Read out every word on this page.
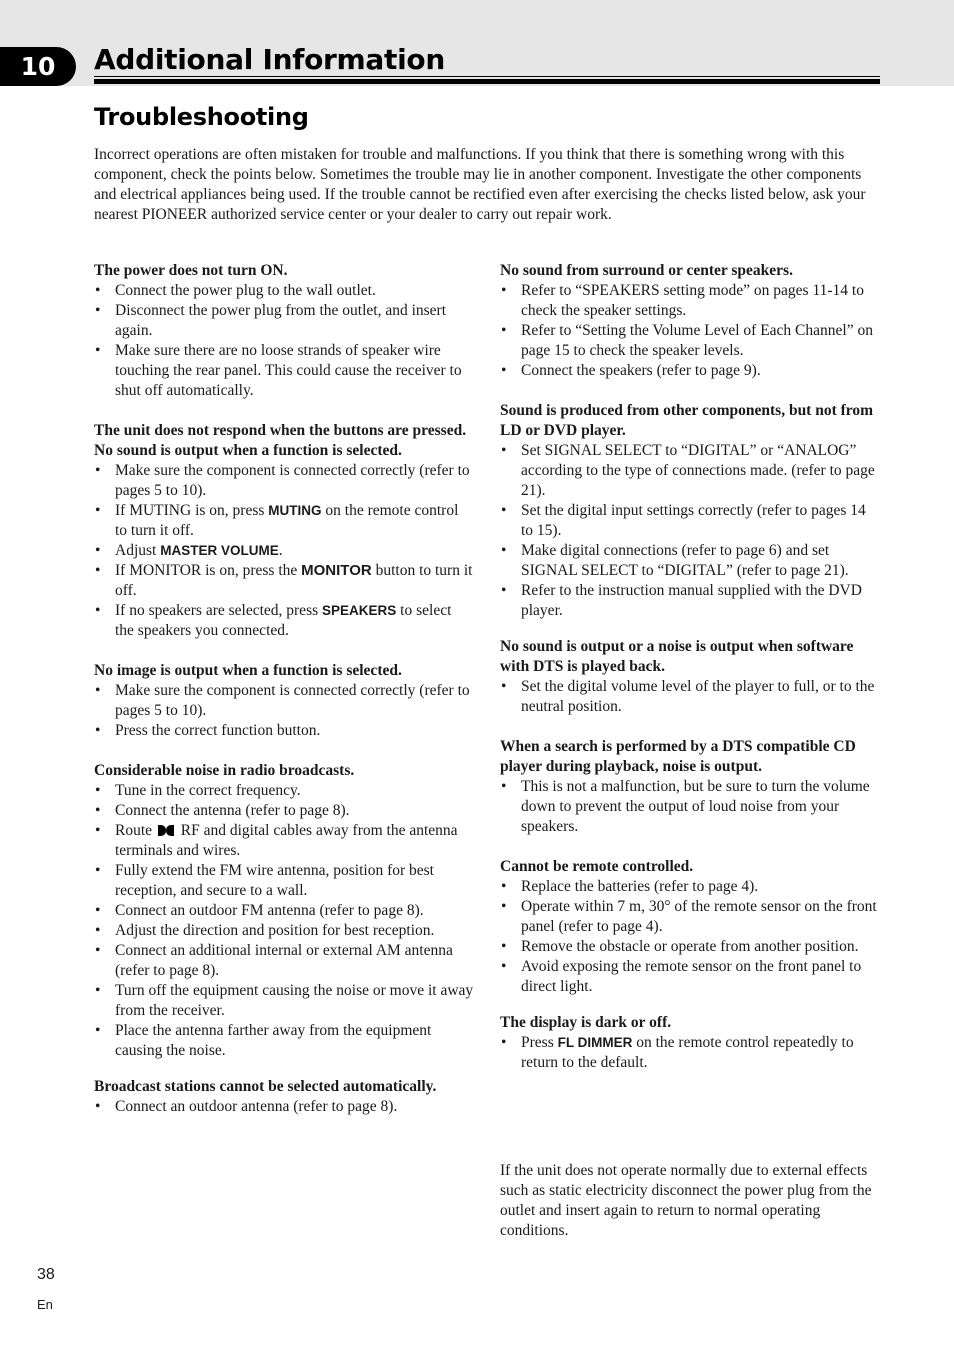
10	Additional Information
Troubleshooting

Incorrect operations are often mistaken for trouble and malfunctions. If you think that there is something wrong with this component, check the points below. Sometimes the trouble may lie in another component. Investigate the other components and electrical appliances being used. If the trouble cannot be rectified even after exercising the checks listed below, ask your nearest PIONEER authorized service center or your dealer to carry out repair work.

The power does not turn ON.

• Connect the power plug to the wall outlet.
• Disconnect the power plug from the outlet, and insert again.
• Make sure there are no loose strands of speaker wire touching the rear panel. This could cause the receiver to shut off automatically.

The unit does not respond when the buttons are pressed.

No sound is output when a function is selected.

• Make sure the component is connected correctly (refer to pages 5 to 10).
• If MUTING is on, press MUTING on the remote control to turn it off.
• Adjust MASTER VOLUME.
• If MONITOR is on, press the MONITOR button to turn it off.
• If no speakers are selected, press SPEAKERS to select the speakers you connected.

No image is output when a function is selected.

• Make sure the component is connected correctly (refer to pages 5 to 10).
• Press the correct function button.

Considerable noise in radio broadcasts.

• Tune in the correct frequency.
• Connect the antenna (refer to page 8).
• Route  RF and digital cables away from the antenna terminals and wires.
• Fully extend the FM wire antenna, position for best reception, and secure to a wall.
• Connect an outdoor FM antenna (refer to page 8).
• Adjust the direction and position for best reception.
• Connect an additional internal or external AM antenna (refer to page 8).
• Turn off the equipment causing the noise or move it away from the receiver.
• Place the antenna farther away from the equipment causing the noise.

Broadcast stations cannot be selected automatically.

• Connect an outdoor antenna (refer to page 8).

No sound from surround or center speakers.

• Refer to “SPEAKERS setting mode” on pages 11-14 to check the speaker settings.
• Refer to “Setting the Volume Level of Each Channel” on page 15 to check the speaker levels.
• Connect the speakers (refer to page 9).

Sound is produced from other components, but not from LD or DVD player.

• Set SIGNAL SELECT to “DIGITAL” or “ANALOG” according to the type of connections made. (refer to page 21).
• Set the digital input settings correctly (refer to pages 14 to 15).
• Make digital connections (refer to page 6) and set SIGNAL SELECT to “DIGITAL” (refer to page 21).
• Refer to the instruction manual supplied with the DVD player.

No sound is output or a noise is output when software with DTS is played back.

• Set the digital volume level of the player to full, or to the neutral position.

When a search is performed by a DTS compatible CD player during playback, noise is output.

• This is not a malfunction, but be sure to turn the volume down to prevent the output of loud noise from your speakers.

Cannot be remote controlled.

• Replace the batteries (refer to page 4).
• Operate within 7 m, 30° of the remote sensor on the front panel (refer to page 4).
• Remove the obstacle or operate from another position.
• Avoid exposing the remote sensor on the front panel to direct light.

The display is dark or off.

• Press FL DIMMER on the remote control repeatedly to return to the default.

If the unit does not operate normally due to external effects such as static electricity disconnect the power plug from the outlet and insert again to return to normal operating conditions.

38
En
